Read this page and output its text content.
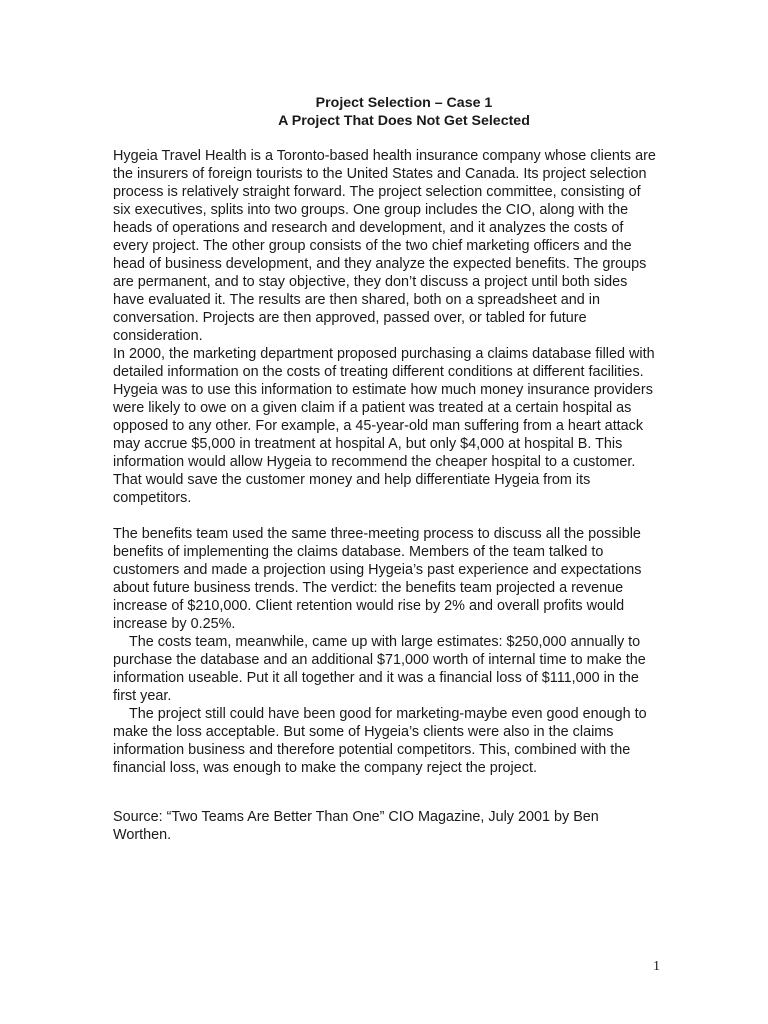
Project Selection – Case 1
A Project That Does Not Get Selected

Hygeia Travel Health is a Toronto-based health insurance company whose clients are the insurers of foreign tourists to the United States and Canada. Its project selection process is relatively straight forward. The project selection committee, consisting of six executives, splits into two groups. One group includes the CIO, along with the heads of operations and research and development, and it analyzes the costs of every project. The other group consists of the two chief marketing officers and the head of business development, and they analyze the expected benefits. The groups are permanent, and to stay objective, they don’t discuss a project until both sides have evaluated it. The results are then shared, both on a spreadsheet and in conversation. Projects are then approved, passed over, or tabled for future consideration.

In 2000, the marketing department proposed purchasing a claims database filled with detailed information on the costs of treating different conditions at different facilities. Hygeia was to use this information to estimate how much money insurance providers were likely to owe on a given claim if a patient was treated at a certain hospital as opposed to any other. For example, a 45-year-old man suffering from a heart attack may accrue $5,000 in treatment at hospital A, but only $4,000 at hospital B. This information would allow Hygeia to recommend the cheaper hospital to a customer. That would save the customer money and help differentiate Hygeia from its competitors.

The benefits team used the same three-meeting process to discuss all the possible benefits of implementing the claims database. Members of the team talked to customers and made a projection using Hygeia’s past experience and expectations about future business trends. The verdict: the benefits team projected a revenue increase of $210,000. Client retention would rise by 2% and overall profits would increase by 0.25%.

The costs team, meanwhile, came up with large estimates: $250,000 annually to purchase the database and an additional $71,000 worth of internal time to make the information useable. Put it all together and it was a financial loss of $111,000 in the first year.

The project still could have been good for marketing-maybe even good enough to make the loss acceptable. But some of Hygeia’s clients were also in the claims information business and therefore potential competitors. This, combined with the financial loss, was enough to make the company reject the project.

Source: “Two Teams Are Better Than One” CIO Magazine, July 2001 by Ben Worthen.
1
